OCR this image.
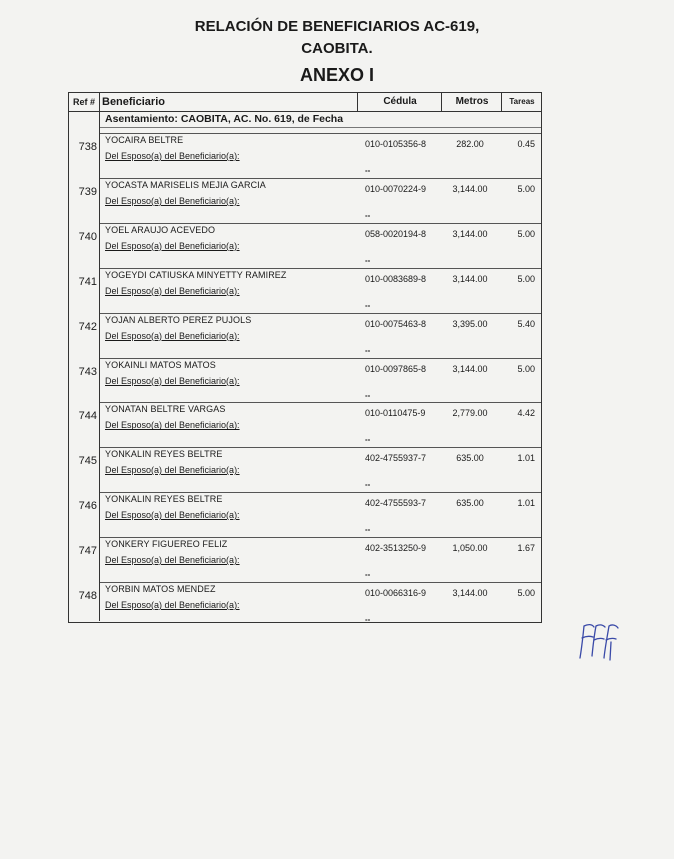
RELACIÓN DE BENEFICIARIOS AC-619,
CAOBITA.
ANEXO I
Ref # Beneficiario	Cédula	Metros	Tareas
Asentamiento: CAOBITA, AC. No. 619, de Fecha
738
YOCAIRA BELTRE
Del Esposo(a) del Beneficiario(a):
010-0105356-8	282.00	0.45
--
739
YOCASTA MARISELIS MEJIA GARCIA
Del Esposo(a) del Beneficiario(a):
010-0070224-9	3,144.00	5.00
--
740
YOEL ARAUJO ACEVEDO
Del Esposo(a) del Beneficiario(a):
058-0020194-8	3,144.00	5.00
--
741
YOGEYDI CATIUSKA MINYETTY RAMIREZ
Del Esposo(a) del Beneficiario(a):
010-0083689-8	3,144.00	5.00
--
742
YOJAN ALBERTO PEREZ PUJOLS
Del Esposo(a) del Beneficiario(a):
010-0075463-8	3,395.00	5.40
--
743
YOKAINLI MATOS MATOS
Del Esposo(a) del Beneficiario(a):
010-0097865-8	3,144.00	5.00
--
744
YONATAN BELTRE VARGAS
Del Esposo(a) del Beneficiario(a):
010-0110475-9	2,779.00	4.42
--
745
YONKALIN REYES BELTRE
Del Esposo(a) del Beneficiario(a):
402-4755937-7	635.00	1.01
--
746
YONKALIN REYES BELTRE
Del Esposo(a) del Beneficiario(a):
402-4755593-7	635.00	1.01
--
747
YONKERY FIGUEREO FELIZ
Del Esposo(a) del Beneficiario(a):
402-3513250-9	1,050.00	1.67
--
748
YORBIN MATOS MENDEZ
Del Esposo(a) del Beneficiario(a):
010-0066316-9	3,144.00	5.00
--
